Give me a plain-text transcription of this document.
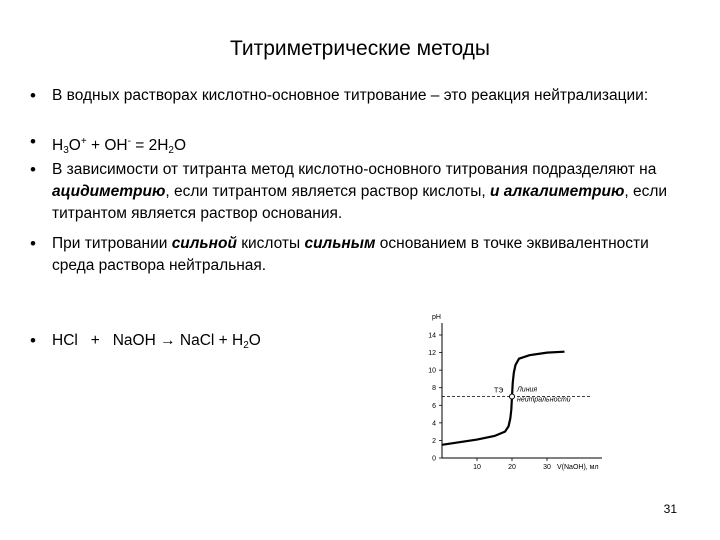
Титриметрические методы
• В водных растворах кислотно-основное титрование – это реакция нейтрализации:
• $H_3O^+ + OH^- = 2H_2O$
• В зависимости от титранта метод кислотно-основного титрования подразделяют на ацидиметрию, если титрантом является раствор кислоты, и алкалиметрию, если титрантом является раствор основания.
• При титровании сильной кислоты сильным основанием в точке эквивалентности среда раствора нейтральная.
• HCl   +   NaOH → NaCl + $H_2O$
0
2
4
6
8
10
12
14
10	20	30
ТЭ Линия
нейтральности
pH
V(NaOH), мл
31
